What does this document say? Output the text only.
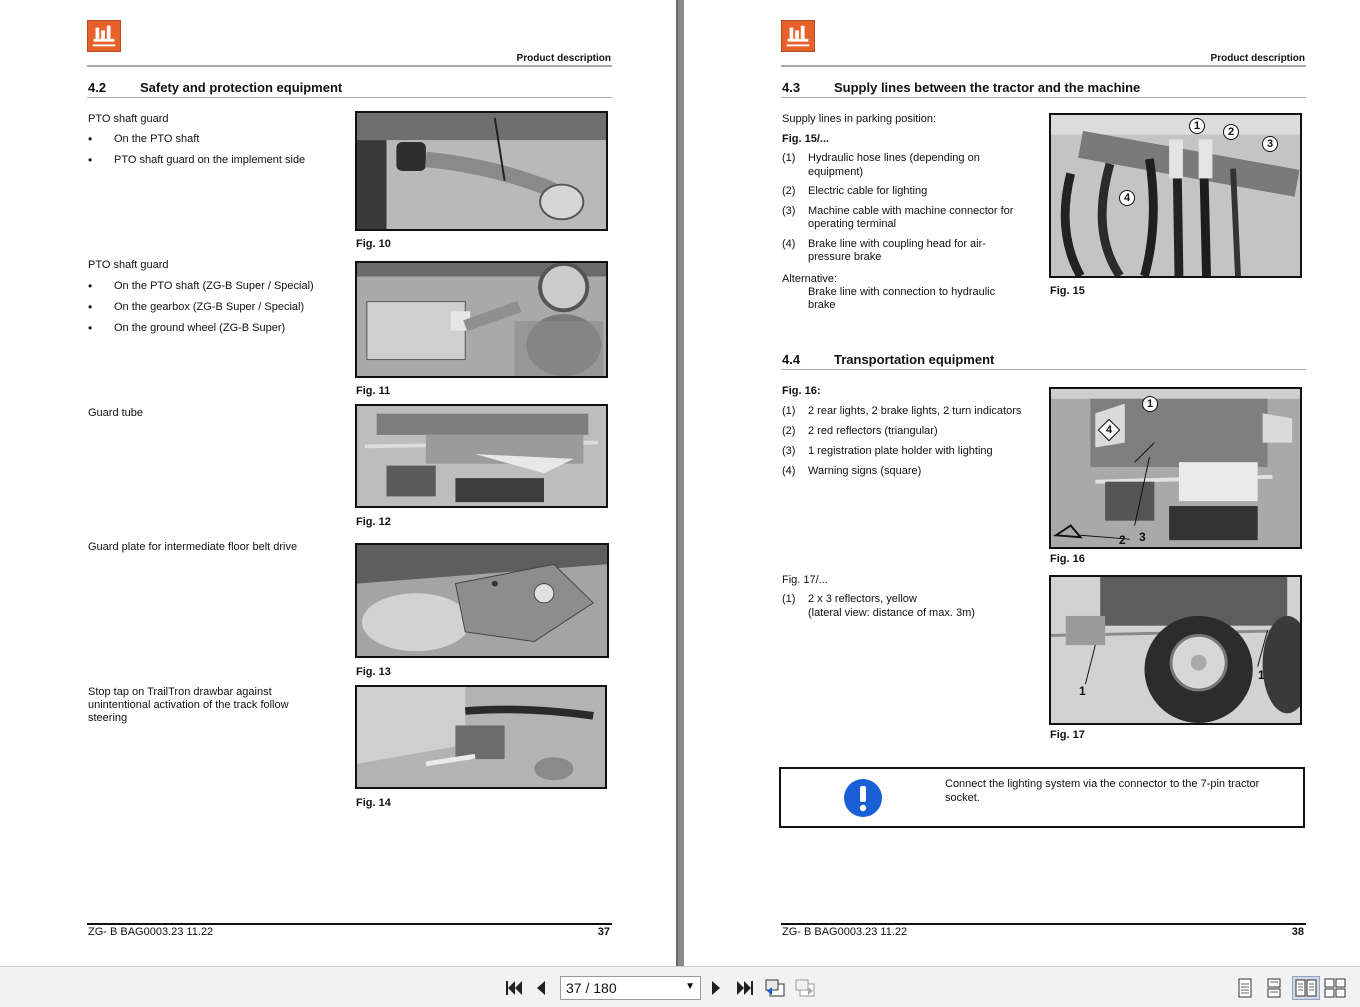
Product description
4.2	Safety and protection equipment
PTO shaft guard
• On the PTO shaft
• PTO shaft guard on the implement side
Fig. 10
PTO shaft guard
• On the PTO shaft (ZG-B Super / Special)
• On the gearbox (ZG-B Super / Special)
• On the ground wheel (ZG-B Super)
Fig. 11
Guard tube
Fig. 12
Guard plate for intermediate floor belt drive
Fig. 13
Stop tap on TrailTron drawbar against
unintentional activation of the track follow
steering
Fig. 14
ZG- B BAG0003.23 11.22	37
Product description
4.3	Supply lines between the tractor and the machine
Supply lines in parking position:
Fig. 15/...
(1)	Hydraulic hose lines (depending on
equipment)
(2)	Electric cable for lighting
(3)	Machine cable with machine connector for
operating terminal
(4)	Brake line with coupling head for air-
pressure brake
Alternative:
Brake line with connection to hydraulic
brake
1	2
3
4
Fig. 15
4.4	Transportation equipment
Fig. 16:
(1)	2 rear lights, 2 brake lights, 2 turn indicators
(2)	2 red reflectors (triangular)
(3)	1 registration plate holder with lighting
(4)	Warning signs (square)
1
2 3
4
Fig. 16
Fig. 17/...
(1)	2 x 3 reflectors, yellow
(lateral view: distance of max. 3m)
1
1
Fig. 17
ZG- B BAG0003.23 11.22	38
Connect the lighting system via the connector to the 7-pin tractor
socket.
37 / 180	▼
